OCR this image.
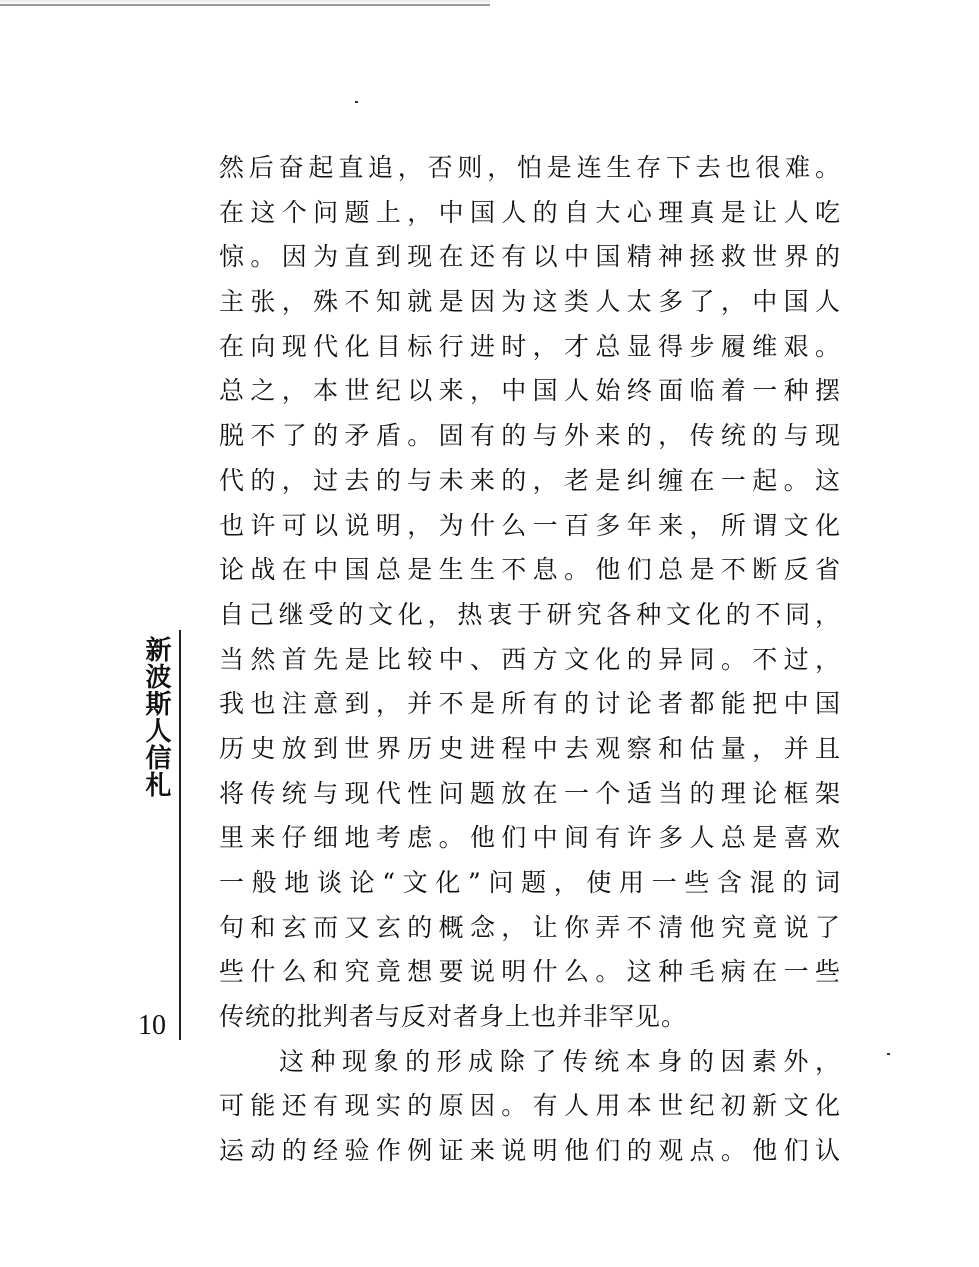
新波斯人信札
10
然后奋起直追，否则，怕是连生存下去也很难。
在这个问题上，中国人的自大心理真是让人吃
惊。因为直到现在还有以中国精神拯救世界的
主张，殊不知就是因为这类人太多了，中国人
在向现代化目标行进时，才总显得步履维艰。
总之，本世纪以来，中国人始终面临着一种摆
脱不了的矛盾。固有的与外来的，传统的与现
代的，过去的与未来的，老是纠缠在一起。这
也许可以说明，为什么一百多年来，所谓文化
论战在中国总是生生不息。他们总是不断反省
自己继受的文化，热衷于研究各种文化的不同，
当然首先是比较中、西方文化的异同。不过，
我也注意到，并不是所有的讨论者都能把中国
历史放到世界历史进程中去观察和估量，并且
将传统与现代性问题放在一个适当的理论框架
里来仔细地考虑。他们中间有许多人总是喜欢
一般地谈论“文化”问题，使用一些含混的词
句和玄而又玄的概念，让你弄不清他究竟说了
些什么和究竟想要说明什么。这种毛病在一些
传统的批判者与反对者身上也并非罕见。
这种现象的形成除了传统本身的因素外，
可能还有现实的原因。有人用本世纪初新文化
运动的经验作例证来说明他们的观点。他们认
